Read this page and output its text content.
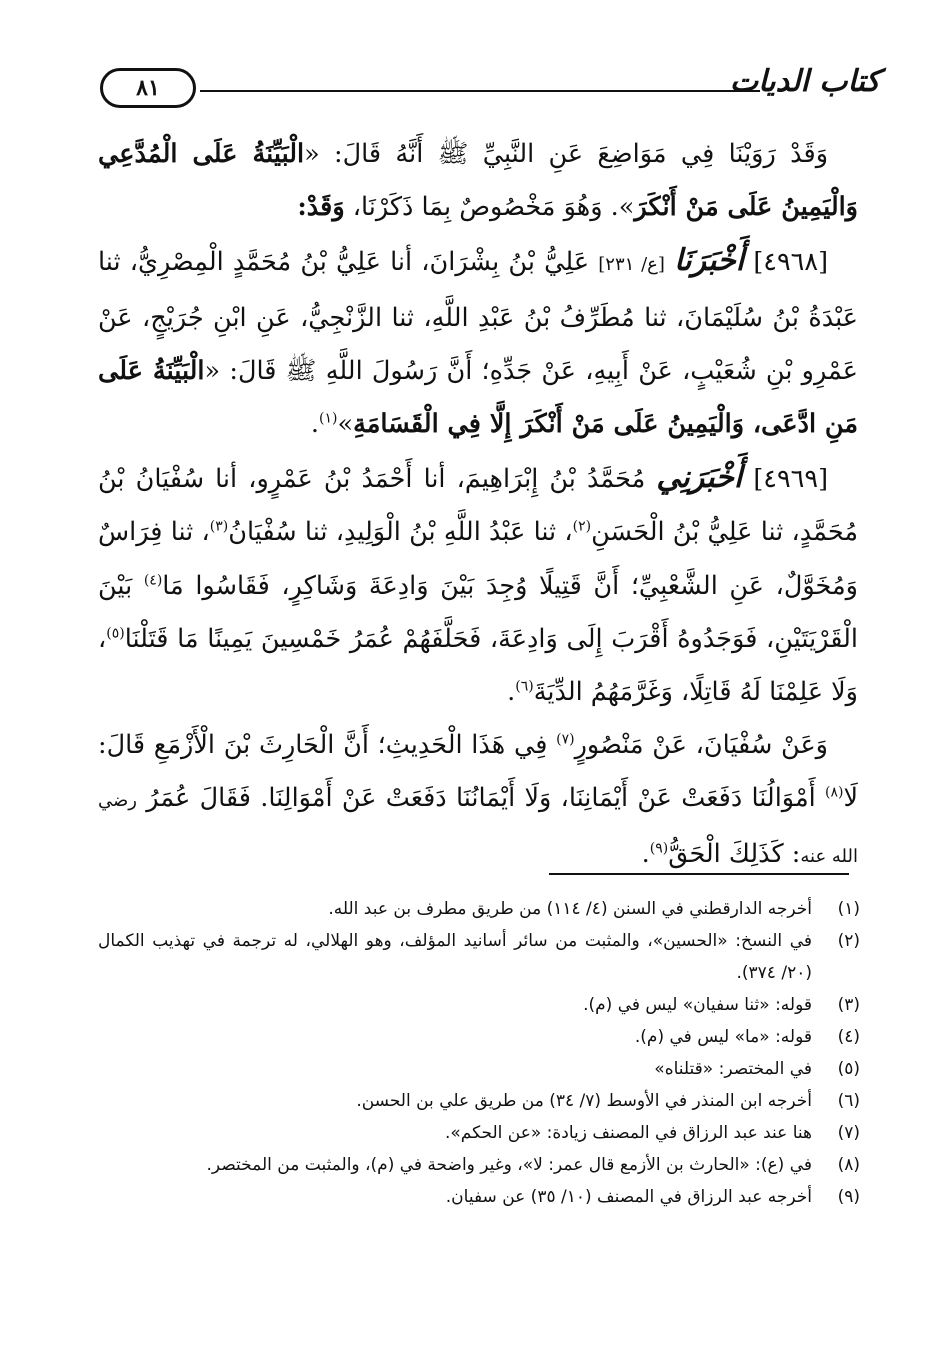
٨١	كتاب الديات

وَقَدْ رَوَيْنَا فِي مَوَاضِعَ عَنِ النَّبِيِّ ﷺ أَنَّهُ قَالَ: «الْبَيِّنَةُ عَلَى الْمُدَّعِي وَالْيَمِينُ عَلَى مَنْ أَنْكَرَ». وَهُوَ مَخْصُوصٌ بِمَا ذَكَرْنَا، وَقَدْ:

[٤٩٦٨] أَخْبَرَنَا [ع/ ٢٣١] عَلِيُّ بْنُ بِشْرَانَ، أنا عَلِيُّ بْنُ مُحَمَّدٍ الْمِصْرِيُّ، ثنا عَبْدَةُ بْنُ سُلَيْمَانَ، ثنا مُطَرِّفُ بْنُ عَبْدِ اللَّهِ، ثنا الزَّنْجِيُّ، عَنِ ابْنِ جُرَيْجٍ، عَنْ عَمْرِو بْنِ شُعَيْبٍ، عَنْ أَبِيهِ، عَنْ جَدِّهِ؛ أَنَّ رَسُولَ اللَّهِ ﷺ قَالَ: «الْبَيِّنَةُ عَلَى مَنِ ادَّعَى، وَالْيَمِينُ عَلَى مَنْ أَنْكَرَ إِلَّا فِي الْقَسَامَةِ»$^{(١)}$.

[٤٩٦٩] أَخْبَرَنِي مُحَمَّدُ بْنُ إِبْرَاهِيمَ، أنا أَحْمَدُ بْنُ عَمْرٍو، أنا سُفْيَانُ بْنُ مُحَمَّدٍ، ثنا عَلِيُّ بْنُ الْحَسَنِ$^{(٢)}$، ثنا عَبْدُ اللَّهِ بْنُ الْوَلِيدِ، ثنا سُفْيَانُ$^{(٣)}$، ثنا فِرَاسٌ وَمُخَوَّلٌ، عَنِ الشَّعْبِيِّ؛ أَنَّ قَتِيلًا وُجِدَ بَيْنَ وَادِعَةَ وَشَاكِرٍ، فَقَاسُوا مَا$^{(٤)}$ بَيْنَ الْقَرْيَتَيْنِ، فَوَجَدُوهُ أَقْرَبَ إِلَى وَادِعَةَ، فَحَلَّفَهُمْ عُمَرُ خَمْسِينَ يَمِينًا مَا قَتَلْنَا$^{(٥)}$، وَلَا عَلِمْنَا لَهُ قَاتِلًا، وَغَرَّمَهُمُ الدِّيَةَ$^{(٦)}$.

وَعَنْ سُفْيَانَ، عَنْ مَنْصُورٍ$^{(٧)}$ فِي هَذَا الْحَدِيثِ؛ أَنَّ الْحَارِثَ بْنَ الْأَزْمَعِ قَالَ: لَا$^{(٨)}$ أَمْوَالُنَا دَفَعَتْ عَنْ أَيْمَانِنَا، وَلَا أَيْمَانُنَا دَفَعَتْ عَنْ أَمْوَالِنَا. فَقَالَ عُمَرُ رضي الله عنه: كَذَلِكَ الْحَقُّ$^{(٩)}$.

(١)
أخرجه الدارقطني في السنن (٤/ ١١٤) من طريق مطرف بن عبد الله.
(٢)
في النسخ: «الحسين»، والمثبت من سائر أسانيد المؤلف، وهو الهلالي، له ترجمة في تهذيب الكمال (٢٠/ ٣٧٤).
(٣)
قوله: «ثنا سفيان» ليس في (م).
(٤)
قوله: «ما» ليس في (م).
(٥)
في المختصر: «قتلناه»
(٦)
أخرجه ابن المنذر في الأوسط (٧/ ٣٤) من طريق علي بن الحسن.
(٧)
هنا عند عبد الرزاق في المصنف زيادة: «عن الحكم».
(٨)
في (ع): «الحارث بن الأزمع قال عمر: لا»، وغير واضحة في (م)، والمثبت من المختصر.
(٩)
أخرجه عبد الرزاق في المصنف (١٠/ ٣٥) عن سفيان.
